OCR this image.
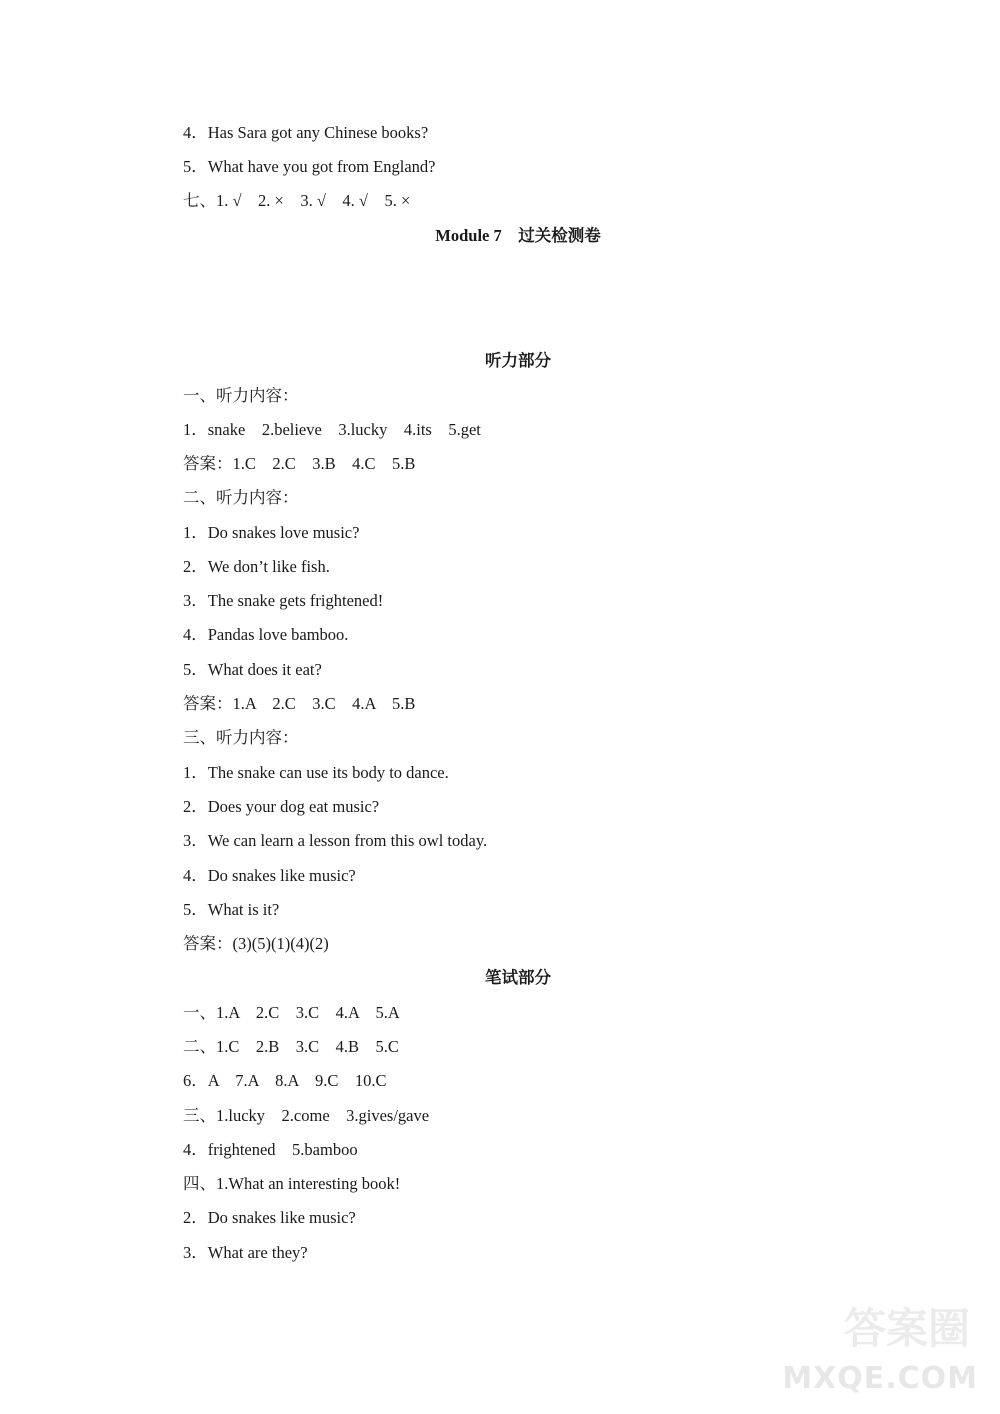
4．Has Sara got any Chinese books?
5．What have you got from England?
七、1. √    2. ×    3. √    4. √    5. ×
Module 7    过关检测卷
听力部分
一、听力内容：
1．snake    2.believe    3.lucky    4.its    5.get
答案：1.C    2.C    3.B    4.C    5.B
二、听力内容：
1．Do snakes love music?
2．We don’t like fish.
3．The snake gets frightened!
4．Pandas love bamboo.
5．What does it eat?
答案：1.A    2.C    3.C    4.A    5.B
三、听力内容：
1．The snake can use its body to dance.
2．Does your dog eat music?
3．We can learn a lesson from this owl today.
4．Do snakes like music?
5．What is it?
答案：(3)(5)(1)(4)(2)
笔试部分
一、1.A    2.C    3.C    4.A    5.A
二、1.C    2.B    3.C    4.B    5.C
6．A    7.A    8.A    9.C    10.C
三、1.lucky    2.come    3.gives/gave
4．frightened    5.bamboo
四、1.What an interesting book!
2．Do snakes like music?
3．What are they?
答案圈
MXQE.COM
